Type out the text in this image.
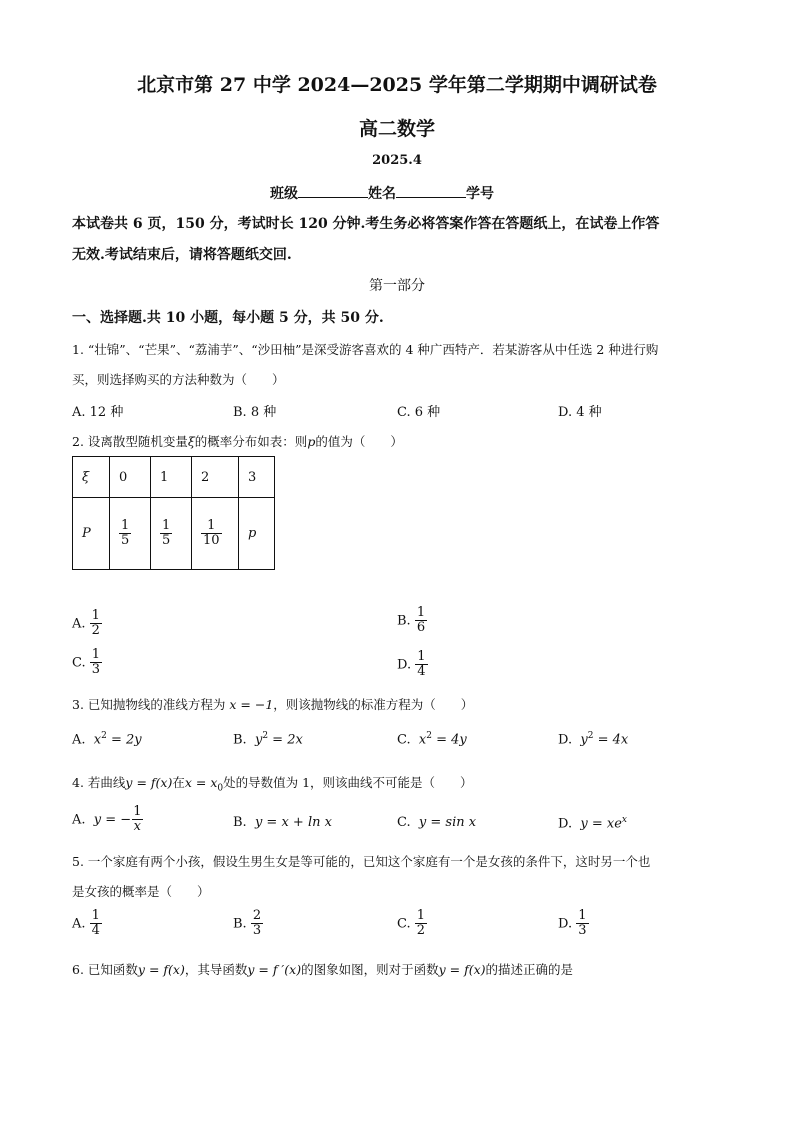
北京市第 27 中学 2024—2025 学年第二学期期中调研试卷
高二数学
2025.4
班级	姓名	学号
本试卷共 6 页，150 分，考试时长 120 分钟.考生务必将答案作答在答题纸上，在试卷上作答
无效.考试结束后，请将答题纸交回.
第一部分
一、选择题.共 10 小题，每小题 5 分，共 50 分.
1. “壮锦”、“芒果”、“荔浦芋”、“沙田柚”是深受游客喜欢的 4 种广西特产．若某游客从中任选 2 种进行购
买，则选择购买的方法种数为（　　）
A. 12 种	B. 8 种	C. 6 种	D. 4 种
2. 设离散型随机变量ξ的概率分布如表：则p的值为（　　）
ξ	0	1	2	3
P	$\frac{1}{5}$	$\frac{1}{5}$	$\frac{1}{10}$	p
A. $\frac{1}{2}$	B. $\frac{1}{6}$
C. $\frac{1}{3}$	D. $\frac{1}{4}$
3. 已知抛物线的准线方程为 x = −1，则该抛物线的标准方程为（　　）
A. $x^2 = 2y$	B. $y^2 = 2x$	C. $x^2 = 4y$	D. $y^2 = 4x$
4. 若曲线y = f(x)在$x = x_0$处的导数值为 1，则该曲线不可能是（　　）
A. y = − $\frac{1}{x}$	B. y = x + ln x	C. y = sin x	D. $y = xe^x$
5. 一个家庭有两个小孩，假设生男生女是等可能的，已知这个家庭有一个是女孩的条件下，这时另一个也
是女孩的概率是（　　）
A. $\frac{1}{4}$	B. $\frac{2}{3}$	C. $\frac{1}{2}$	D. $\frac{1}{3}$
6. 已知函数y = f(x)，其导函数y = f ′(x)的图象如图，则对于函数y = f(x)的描述正确的是
